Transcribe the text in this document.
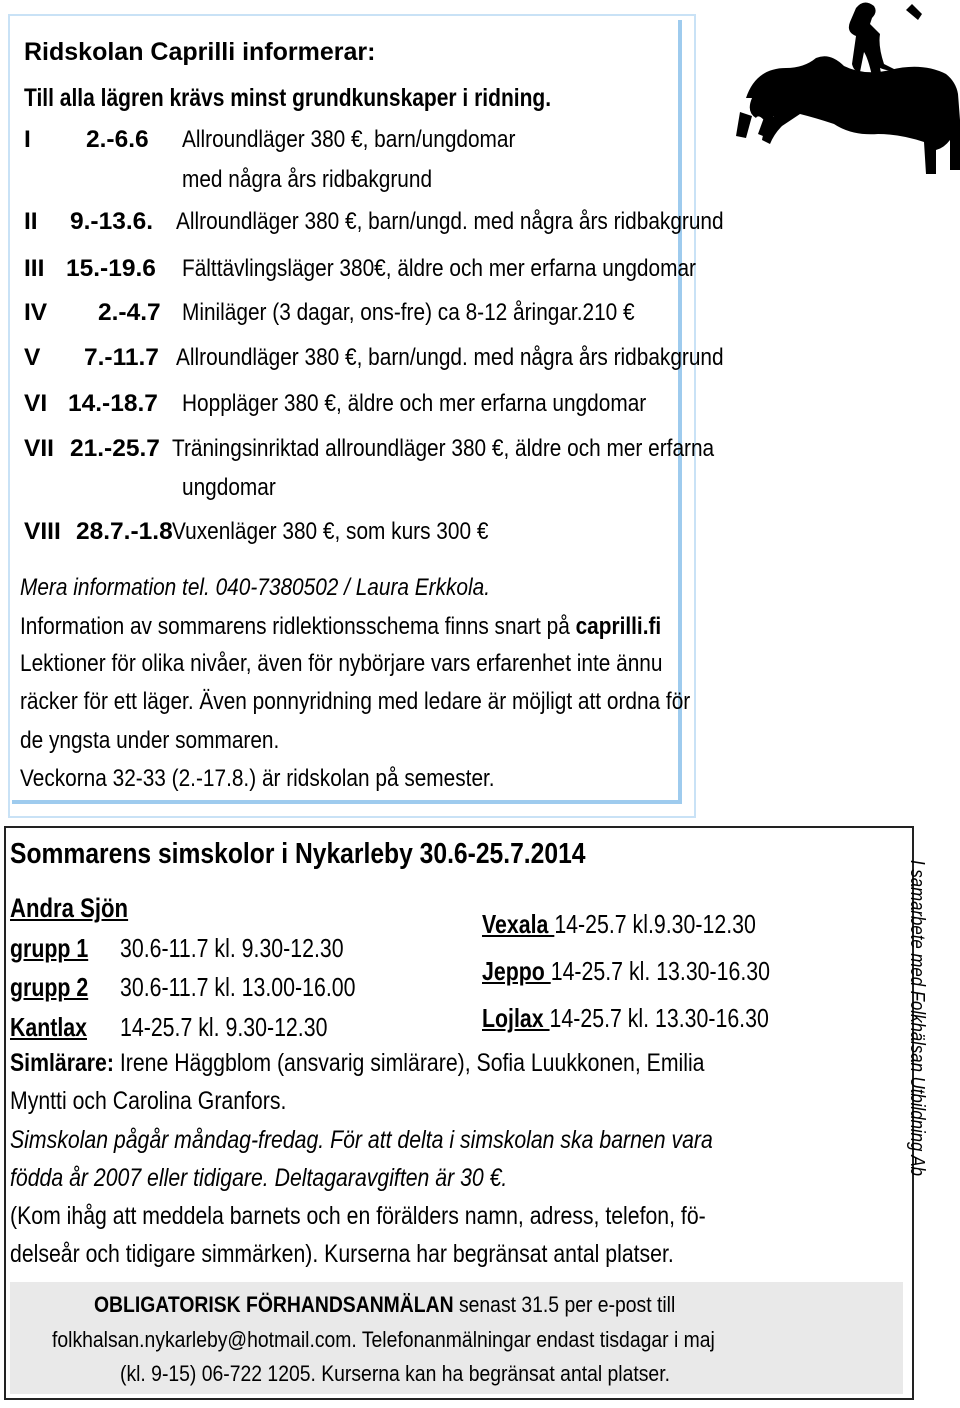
Ridskolan Caprilli informerar:
Till alla lägren krävs minst grundkunskaper i ridning.
I 2.-6.6 Allroundläger 380 €, barn/ungdomar
med några års ridbakgrund
II 9.-13.6. Allroundläger 380 €, barn/ungd. med några års ridbakgrund
III 15.-19.6 Fälttävlingsläger 380€, äldre och mer erfarna ungdomar
IV 2.-4.7 Miniläger (3 dagar, ons-fre) ca 8-12 åringar.210 €
V 7.-11.7 Allroundläger 380 €, barn/ungd. med några års ridbakgrund
VI 14.-18.7 Hoppläger 380 €, äldre och mer erfarna ungdomar
VII 21.-25.7 Träningsinriktad allroundläger 380 €, äldre och mer erfarna
ungdomar
VIII 28.7.-1.8 Vuxenläger 380 €, som kurs 300 €
Mera information tel. 040-7380502 / Laura Erkkola.
Information av sommarens ridlektionsschema finns snart på caprilli.fi
Lektioner för olika nivåer, även för nybörjare vars erfarenhet inte ännu
räcker för ett läger. Även ponnyridning med ledare är möjligt att ordna för
de yngsta under sommaren.
Veckorna 32-33 (2.-17.8.) är ridskolan på semester.
Sommarens simskolor i Nykarleby 30.6-25.7.2014
Andra Sjön
grupp 1 30.6-11.7 kl. 9.30-12.30
grupp 2 30.6-11.7 kl. 13.00-16.00
Kantlax 14-25.7 kl. 9.30-12.30
Vexala 14-25.7 kl.9.30-12.30
Jeppo 14-25.7 kl. 13.30-16.30
Lojlax 14-25.7 kl. 13.30-16.30
Simlärare: Irene Häggblom (ansvarig simlärare), Sofia Luukkonen, Emilia
Myntti och Carolina Granfors.
Simskolan pågår måndag-fredag. För att delta i simskolan ska barnen vara
födda år 2007 eller tidigare. Deltagaravgiften är 30 €.
(Kom ihåg att meddela barnets och en förälders namn, adress, telefon, fö-
delseår och tidigare simmärken). Kurserna har begränsat antal platser.
OBLIGATORISK FÖRHANDSANMÄLAN senast 31.5 per e-post till
folkhalsan.nykarleby@hotmail.com. Telefonanmälningar endast tisdagar i maj
(kl. 9-15) 06-722 1205. Kurserna kan ha begränsat antal platser.
I samarbete med Folkhälsan Utbildning Ab
